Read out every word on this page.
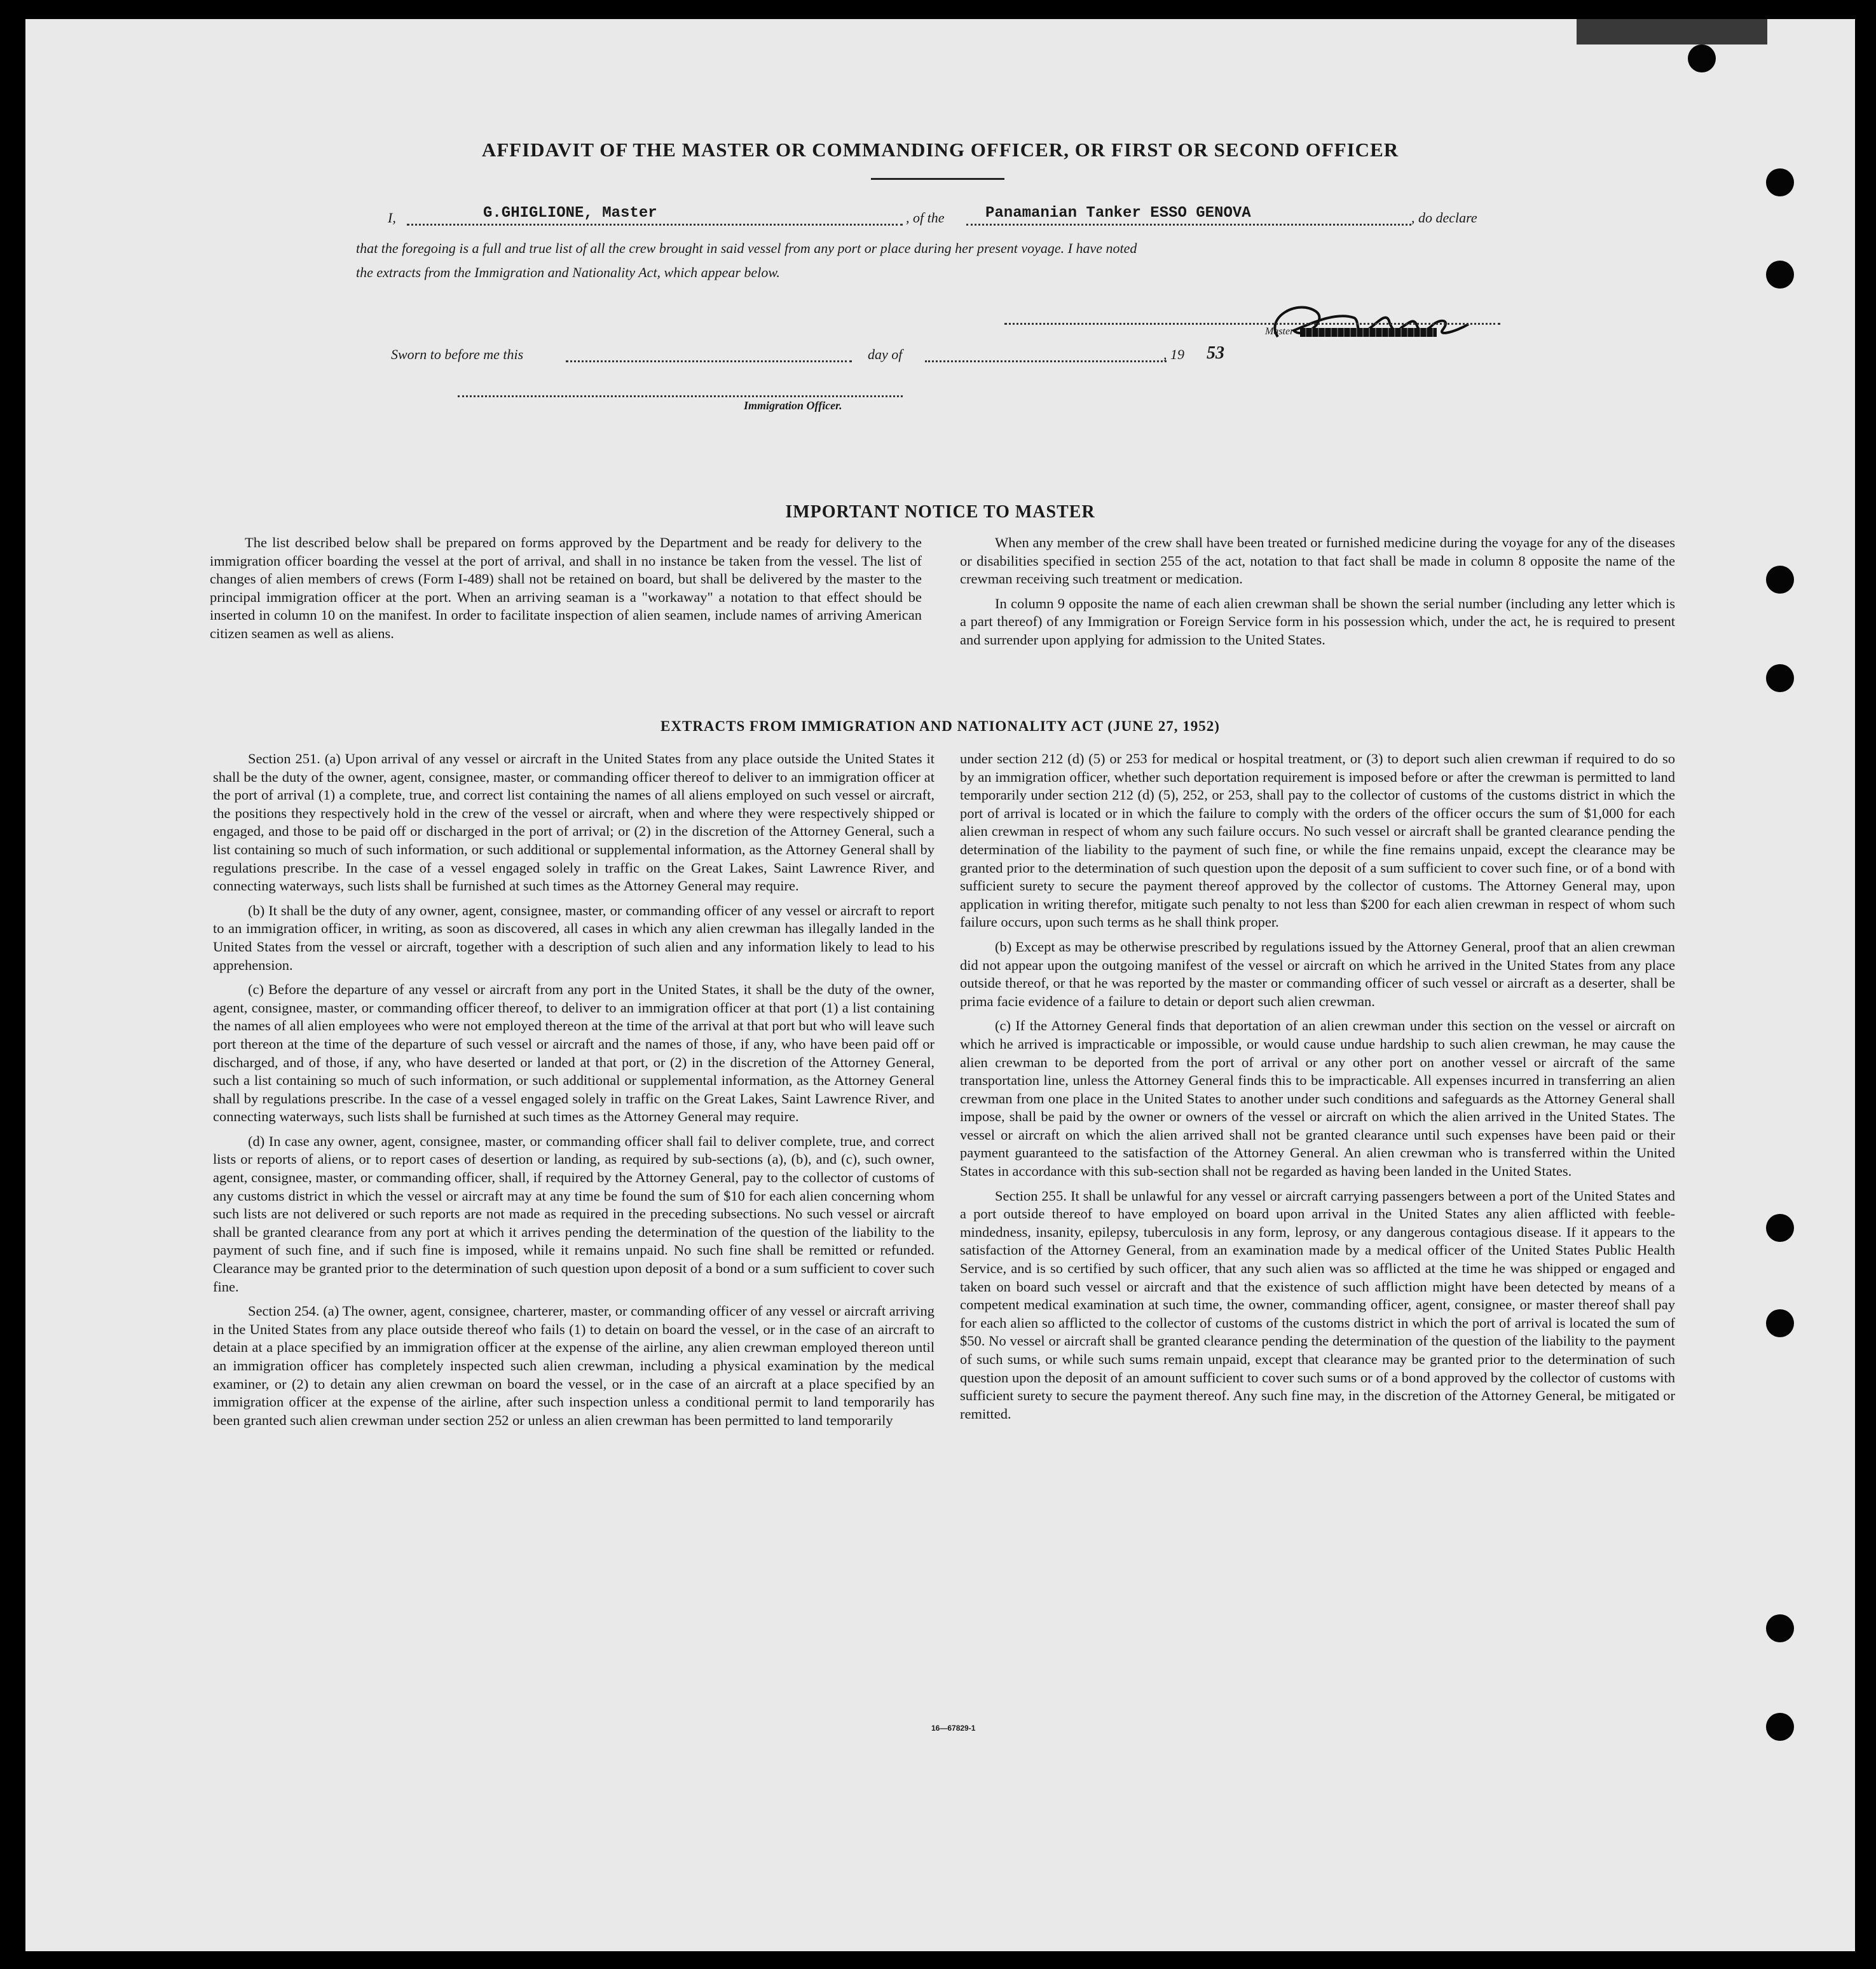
AFFIDAVIT OF THE MASTER OR COMMANDING OFFICER, OR FIRST OR SECOND OFFICER
I,	G.GHIGLIONE, Master	, of the	Panamanian Tanker ESSO GENOVA	, do declare
that the foregoing is a full and true list of all the crew brought in said vessel from any port or place during her present voyage. I have noted
the extracts from the Immigration and Nationality Act, which appear below.
Master
Sworn to before me this	day of	, 19 53
Immigration Officer.
IMPORTANT NOTICE TO MASTER

The list described below shall be prepared on forms approved by the Department and be ready for delivery to the immigration officer boarding the vessel at the port of arrival, and shall in no instance be taken from the vessel. The list of changes of alien members of crews (Form I-489) shall not be retained on board, but shall be delivered by the master to the principal immigration officer at the port. When an arriving seaman is a "workaway" a notation to that effect should be inserted in column 10 on the manifest. In order to facilitate inspection of alien seamen, include names of arriving American citizen seamen as well as aliens.

When any member of the crew shall have been treated or furnished medicine during the voyage for any of the diseases or disabilities specified in section 255 of the act, notation to that fact shall be made in column 8 opposite the name of the crewman receiving such treatment or medication.

In column 9 opposite the name of each alien crewman shall be shown the serial number (including any letter which is a part thereof) of any Immigration or Foreign Service form in his possession which, under the act, he is required to present and surrender upon applying for admission to the United States.

EXTRACTS FROM IMMIGRATION AND NATIONALITY ACT (JUNE 27, 1952)

Section 251. (a) Upon arrival of any vessel or aircraft in the United States from any place outside the United States it shall be the duty of the owner, agent, consignee, master, or commanding officer thereof to deliver to an immigration officer at the port of arrival (1) a complete, true, and correct list containing the names of all aliens employed on such vessel or aircraft, the positions they respectively hold in the crew of the vessel or aircraft, when and where they were respectively shipped or engaged, and those to be paid off or discharged in the port of arrival; or (2) in the discretion of the Attorney General, such a list containing so much of such information, or such additional or supplemental information, as the Attorney General shall by regulations prescribe. In the case of a vessel engaged solely in traffic on the Great Lakes, Saint Lawrence River, and connecting waterways, such lists shall be furnished at such times as the Attorney General may require.

(b) It shall be the duty of any owner, agent, consignee, master, or commanding officer of any vessel or aircraft to report to an immigration officer, in writing, as soon as discovered, all cases in which any alien crewman has illegally landed in the United States from the vessel or aircraft, together with a description of such alien and any information likely to lead to his apprehension.

(c) Before the departure of any vessel or aircraft from any port in the United States, it shall be the duty of the owner, agent, consignee, master, or commanding officer thereof, to deliver to an immigration officer at that port (1) a list containing the names of all alien employees who were not employed thereon at the time of the arrival at that port but who will leave such port thereon at the time of the departure of such vessel or aircraft and the names of those, if any, who have been paid off or discharged, and of those, if any, who have deserted or landed at that port, or (2) in the discretion of the Attorney General, such a list containing so much of such information, or such additional or supplemental information, as the Attorney General shall by regulations prescribe. In the case of a vessel engaged solely in traffic on the Great Lakes, Saint Lawrence River, and connecting waterways, such lists shall be furnished at such times as the Attorney General may require.

(d) In case any owner, agent, consignee, master, or commanding officer shall fail to deliver complete, true, and correct lists or reports of aliens, or to report cases of desertion or landing, as required by sub-sections (a), (b), and (c), such owner, agent, consignee, master, or commanding officer, shall, if required by the Attorney General, pay to the collector of customs of any customs district in which the vessel or aircraft may at any time be found the sum of $10 for each alien concerning whom such lists are not delivered or such reports are not made as required in the preceding subsections. No such vessel or aircraft shall be granted clearance from any port at which it arrives pending the determination of the question of the liability to the payment of such fine, and if such fine is imposed, while it remains unpaid. No such fine shall be remitted or refunded. Clearance may be granted prior to the determination of such question upon deposit of a bond or a sum sufficient to cover such fine.

Section 254. (a) The owner, agent, consignee, charterer, master, or commanding officer of any vessel or aircraft arriving in the United States from any place outside thereof who fails (1) to detain on board the vessel, or in the case of an aircraft to detain at a place specified by an immigration officer at the expense of the airline, any alien crewman employed thereon until an immigration officer has completely inspected such alien crewman, including a physical examination by the medical examiner, or (2) to detain any alien crewman on board the vessel, or in the case of an aircraft at a place specified by an immigration officer at the expense of the airline, after such inspection unless a conditional permit to land temporarily has been granted such alien crewman under section 252 or unless an alien crewman has been permitted to land temporarily

under section 212 (d) (5) or 253 for medical or hospital treatment, or (3) to deport such alien crewman if required to do so by an immigration officer, whether such deportation requirement is imposed before or after the crewman is permitted to land temporarily under section 212 (d) (5), 252, or 253, shall pay to the collector of customs of the customs district in which the port of arrival is located or in which the failure to comply with the orders of the officer occurs the sum of $1,000 for each alien crewman in respect of whom any such failure occurs. No such vessel or aircraft shall be granted clearance pending the determination of the liability to the payment of such fine, or while the fine remains unpaid, except the clearance may be granted prior to the determination of such question upon the deposit of a sum sufficient to cover such fine, or of a bond with sufficient surety to secure the payment thereof approved by the collector of customs. The Attorney General may, upon application in writing therefor, mitigate such penalty to not less than $200 for each alien crewman in respect of whom such failure occurs, upon such terms as he shall think proper.

(b) Except as may be otherwise prescribed by regulations issued by the Attorney General, proof that an alien crewman did not appear upon the outgoing manifest of the vessel or aircraft on which he arrived in the United States from any place outside thereof, or that he was reported by the master or commanding officer of such vessel or aircraft as a deserter, shall be prima facie evidence of a failure to detain or deport such alien crewman.

(c) If the Attorney General finds that deportation of an alien crewman under this section on the vessel or aircraft on which he arrived is impracticable or impossible, or would cause undue hardship to such alien crewman, he may cause the alien crewman to be deported from the port of arrival or any other port on another vessel or aircraft of the same transportation line, unless the Attorney General finds this to be impracticable. All expenses incurred in transferring an alien crewman from one place in the United States to another under such conditions and safeguards as the Attorney General shall impose, shall be paid by the owner or owners of the vessel or aircraft on which the alien arrived in the United States. The vessel or aircraft on which the alien arrived shall not be granted clearance until such expenses have been paid or their payment guaranteed to the satisfaction of the Attorney General. An alien crewman who is transferred within the United States in accordance with this sub-section shall not be regarded as having been landed in the United States.

Section 255. It shall be unlawful for any vessel or aircraft carrying passengers between a port of the United States and a port outside thereof to have employed on board upon arrival in the United States any alien afflicted with feeble-mindedness, insanity, epilepsy, tuberculosis in any form, leprosy, or any dangerous contagious disease. If it appears to the satisfaction of the Attorney General, from an examination made by a medical officer of the United States Public Health Service, and is so certified by such officer, that any such alien was so afflicted at the time he was shipped or engaged and taken on board such vessel or aircraft and that the existence of such affliction might have been detected by means of a competent medical examination at such time, the owner, commanding officer, agent, consignee, or master thereof shall pay for each alien so afflicted to the collector of customs of the customs district in which the port of arrival is located the sum of $50. No vessel or aircraft shall be granted clearance pending the determination of the question of the liability to the payment of such sums, or while such sums remain unpaid, except that clearance may be granted prior to the determination of such question upon the deposit of an amount sufficient to cover such sums or of a bond approved by the collector of customs with sufficient surety to secure the payment thereof. Any such fine may, in the discretion of the Attorney General, be mitigated or remitted.

16—67829-1
